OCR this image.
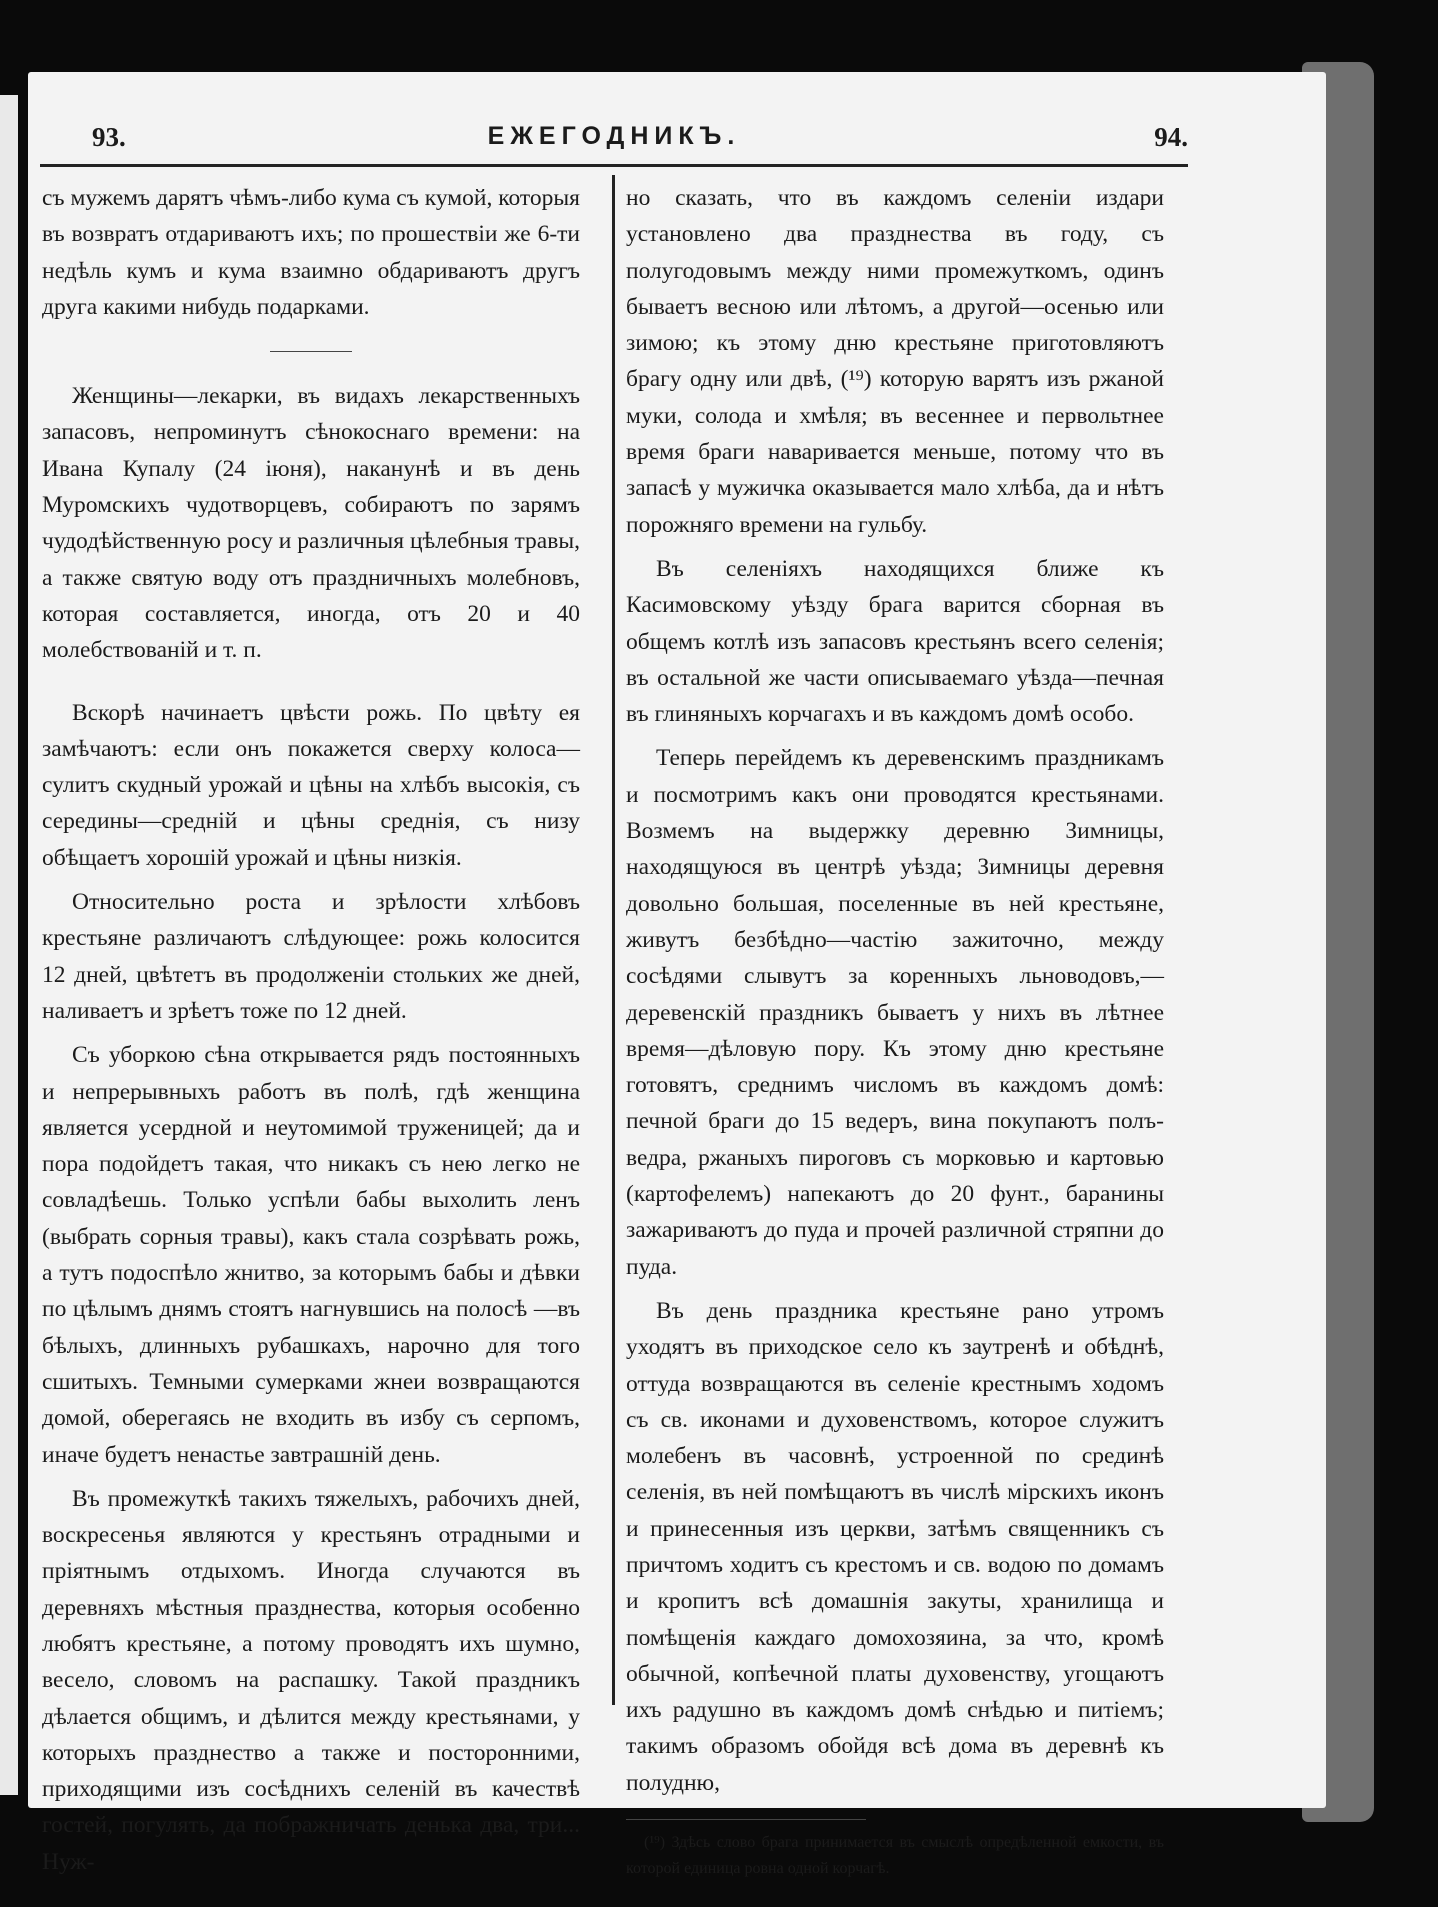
93.	ЕЖЕГОДНИКЪ.	94.

съ мужемъ дарятъ чѣмъ-либо кума съ кумой, которыя въ возвратъ отдариваютъ ихъ; по прошествіи же 6-ти недѣль кумъ и кума взаимно обдариваютъ другъ друга какими нибудь подарками.

Женщины—лекарки, въ видахъ лекарственныхъ запасовъ, непроминутъ сѣнокоснаго времени: на Ивана Купалу (24 іюня), наканунѣ и въ день Муромскихъ чудотворцевъ, собираютъ по зарямъ чудодѣйственную росу и различныя цѣлебныя травы, а также святую воду отъ праздничныхъ молебновъ, которая составляется, иногда, отъ 20 и 40 молебствованій и т. п.

Вскорѣ начинаетъ цвѣсти рожь. По цвѣту ея замѣчаютъ: если онъ покажется сверху колоса—сулитъ скудный урожай и цѣны на хлѣбъ высокія, съ середины—средній и цѣны среднія, съ низу обѣщаетъ хорошій урожай и цѣны низкія.

Относительно роста и зрѣлости хлѣбовъ крестьяне различаютъ слѣдующее: рожь колосится 12 дней, цвѣтетъ въ продолженіи стольких же дней, наливаетъ и зрѣетъ тоже по 12 дней.

Съ уборкою сѣна открывается рядъ постоянныхъ и непрерывныхъ работъ въ полѣ, гдѣ женщина является усердной и неутомимой труженицей; да и пора подойдетъ такая, что никакъ съ нею легко не совладѣешь. Только успѣли бабы выхолить ленъ (выбрать сорныя травы), какъ стала созрѣвать рожь, а тутъ подоспѣло жнитво, за которымъ бабы и дѣвки по цѣлымъ днямъ стоятъ нагнувшись на полосѣ —въ бѣлыхъ, длинныхъ рубашкахъ, нарочно для того сшитыхъ. Темными сумерками жнеи возвращаются домой, оберегаясь не входить въ избу съ серпомъ, иначе будетъ ненастье завтрашній день.

Въ промежуткѣ такихъ тяжелыхъ, рабочихъ дней, воскресенья являются у крестьянъ отрадными и пріятнымъ отдыхомъ. Иногда случаются въ деревняхъ мѣстныя празднества, которыя особенно любятъ крестьяне, а потому проводятъ ихъ шумно, весело, словомъ на распашку. Такой праздникъ дѣлается общимъ, и дѣлится между крестьянами, у которыхъ празднество а также и посторонними, приходящими изъ сосѣднихъ селеній въ качествѣ гостей, погулять, да пображничать денька два, три... Нуж-

но сказать, что въ каждомъ селеніи издари установлено два празднества въ году, съ полугодовымъ между ними промежуткомъ, одинъ бываетъ весною или лѣтомъ, а другой—осенью или зимою; къ этому дню крестьяне приготовляютъ брагу одну или двѣ, (¹⁹) которую варятъ изъ ржаной муки, солода и хмѣля; въ весеннее и первольтнее время браги наваривается меньше, потому что въ запасѣ у мужичка оказывается мало хлѣба, да и нѣтъ порожняго времени на гульбу.

Въ селеніяхъ находящихся ближе къ Касимовскому уѣзду брага варится сборная въ общемъ котлѣ изъ запасовъ крестьянъ всего селенія; въ остальной же части описываемаго уѣзда—печная въ глиняныхъ корчагахъ и въ каждомъ домѣ особо.

Теперь перейдемъ къ деревенскимъ праздникамъ и посмотримъ какъ они проводятся крестьянами. Возмемъ на выдержку деревню Зимницы, находящуюся въ центрѣ уѣзда; Зимницы деревня довольно большая, поселенные въ ней крестьяне, живутъ безбѣдно—частію зажиточно, между сосѣдями слывутъ за коренныхъ льноводовъ,—деревенскій праздникъ бываетъ у нихъ въ лѣтнее время—дѣловую пору. Къ этому дню крестьяне готовятъ, среднимъ числомъ въ каждомъ домѣ: печной браги до 15 ведеръ, вина покупаютъ полъ-ведра, ржаныхъ пироговъ съ морковью и картовью (картофелемъ) напекаютъ до 20 фунт., баранины зажариваютъ до пуда и прочей различной стряпни до пуда.

Въ день праздника крестьяне рано утромъ уходятъ въ приходское село къ заутренѣ и обѣднѣ, оттуда возвращаются въ селеніе крестнымъ ходомъ съ св. иконами и духовенствомъ, которое служитъ молебенъ въ часовнѣ, устроенной по срединѣ селенія, въ ней помѣщаютъ въ числѣ мірскихъ иконъ и принесенныя изъ церкви, затѣмъ священникъ съ причтомъ ходитъ съ крестомъ и св. водою по домамъ и кропитъ всѣ домашнія закуты, хранилища и помѣщенія каждаго домохозяина, за что, кромѣ обычной, копѣечной платы духовенству, угощаютъ ихъ радушно въ каждомъ домѣ снѣдью и питіемъ; такимъ образомъ обойдя всѣ дома въ деревнѣ къ полудню,

(¹⁹) Здѣсь слово брага принимается въ смыслѣ опредѣленной емкости, въ которой единица ровна одной корчагѣ.
